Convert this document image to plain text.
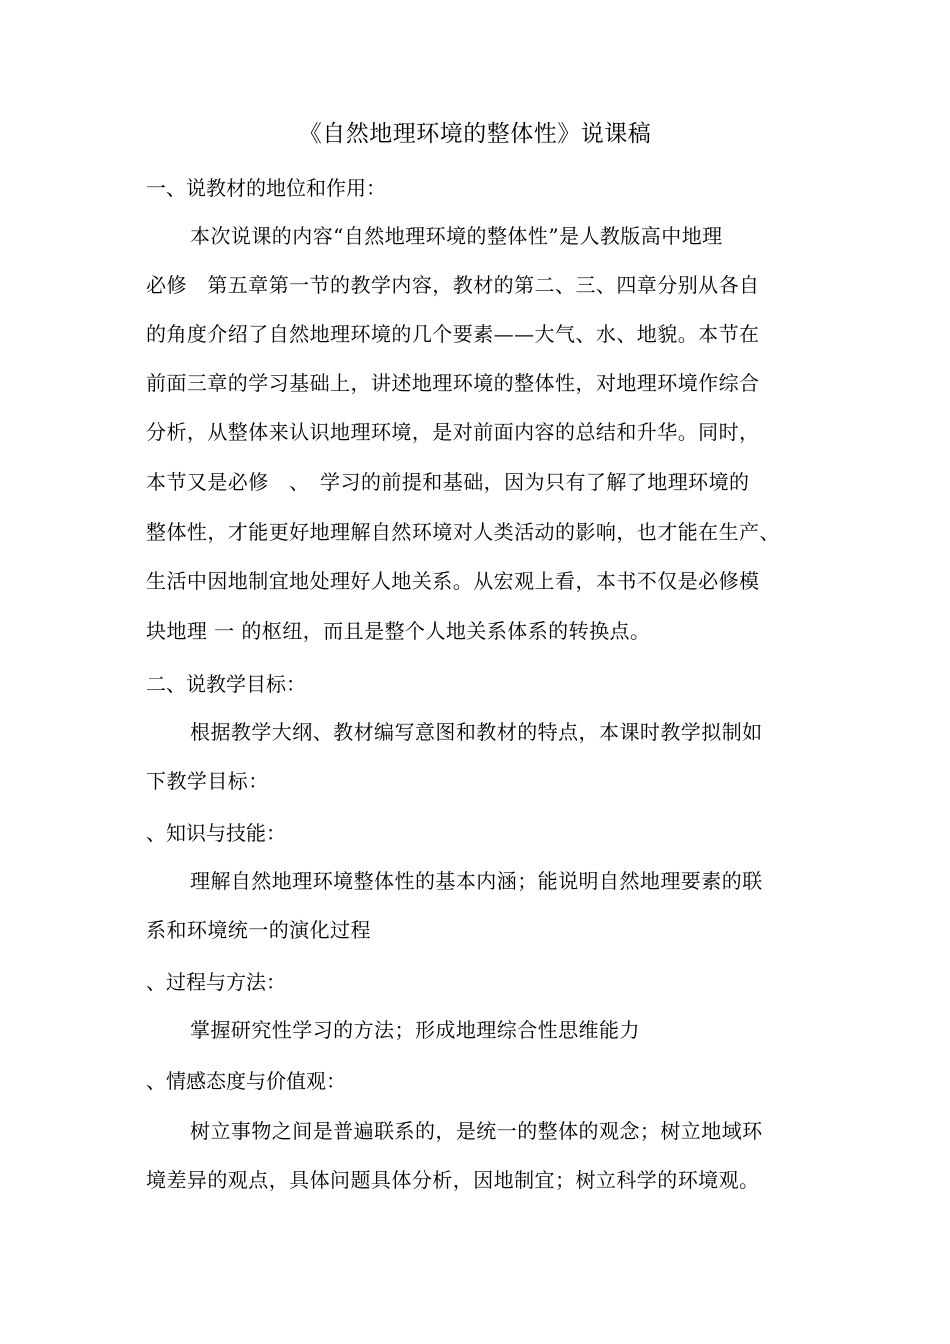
《自然地理环境的整体性》说课稿
一、说教材的地位和作用：
本次说课的内容“自然地理环境的整体性”是人教版高中地理
必修　第五章第一节的教学内容，教材的第二、三、四章分别从各自
的角度介绍了自然地理环境的几个要素——大气、水、地貌。本节在
前面三章的学习基础上，讲述地理环境的整体性，对地理环境作综合
分析，从整体来认识地理环境，是对前面内容的总结和升华。同时，
本节又是必修　、　学习的前提和基础，因为只有了解了地理环境的
整体性，才能更好地理解自然环境对人类活动的影响，也才能在生产、
生活中因地制宜地处理好人地关系。从宏观上看，本书不仅是必修模
块地理 一 的枢纽，而且是整个人地关系体系的转换点。
二、说教学目标：
根据教学大纲、教材编写意图和教材的特点，本课时教学拟制如
下教学目标：
、知识与技能：
理解自然地理环境整体性的基本内涵；能说明自然地理要素的联
系和环境统一的演化过程
、过程与方法：
掌握研究性学习的方法；形成地理综合性思维能力
、情感态度与价值观：
树立事物之间是普遍联系的，是统一的整体的观念；树立地域环
境差异的观点，具体问题具体分析，因地制宜；树立科学的环境观。
